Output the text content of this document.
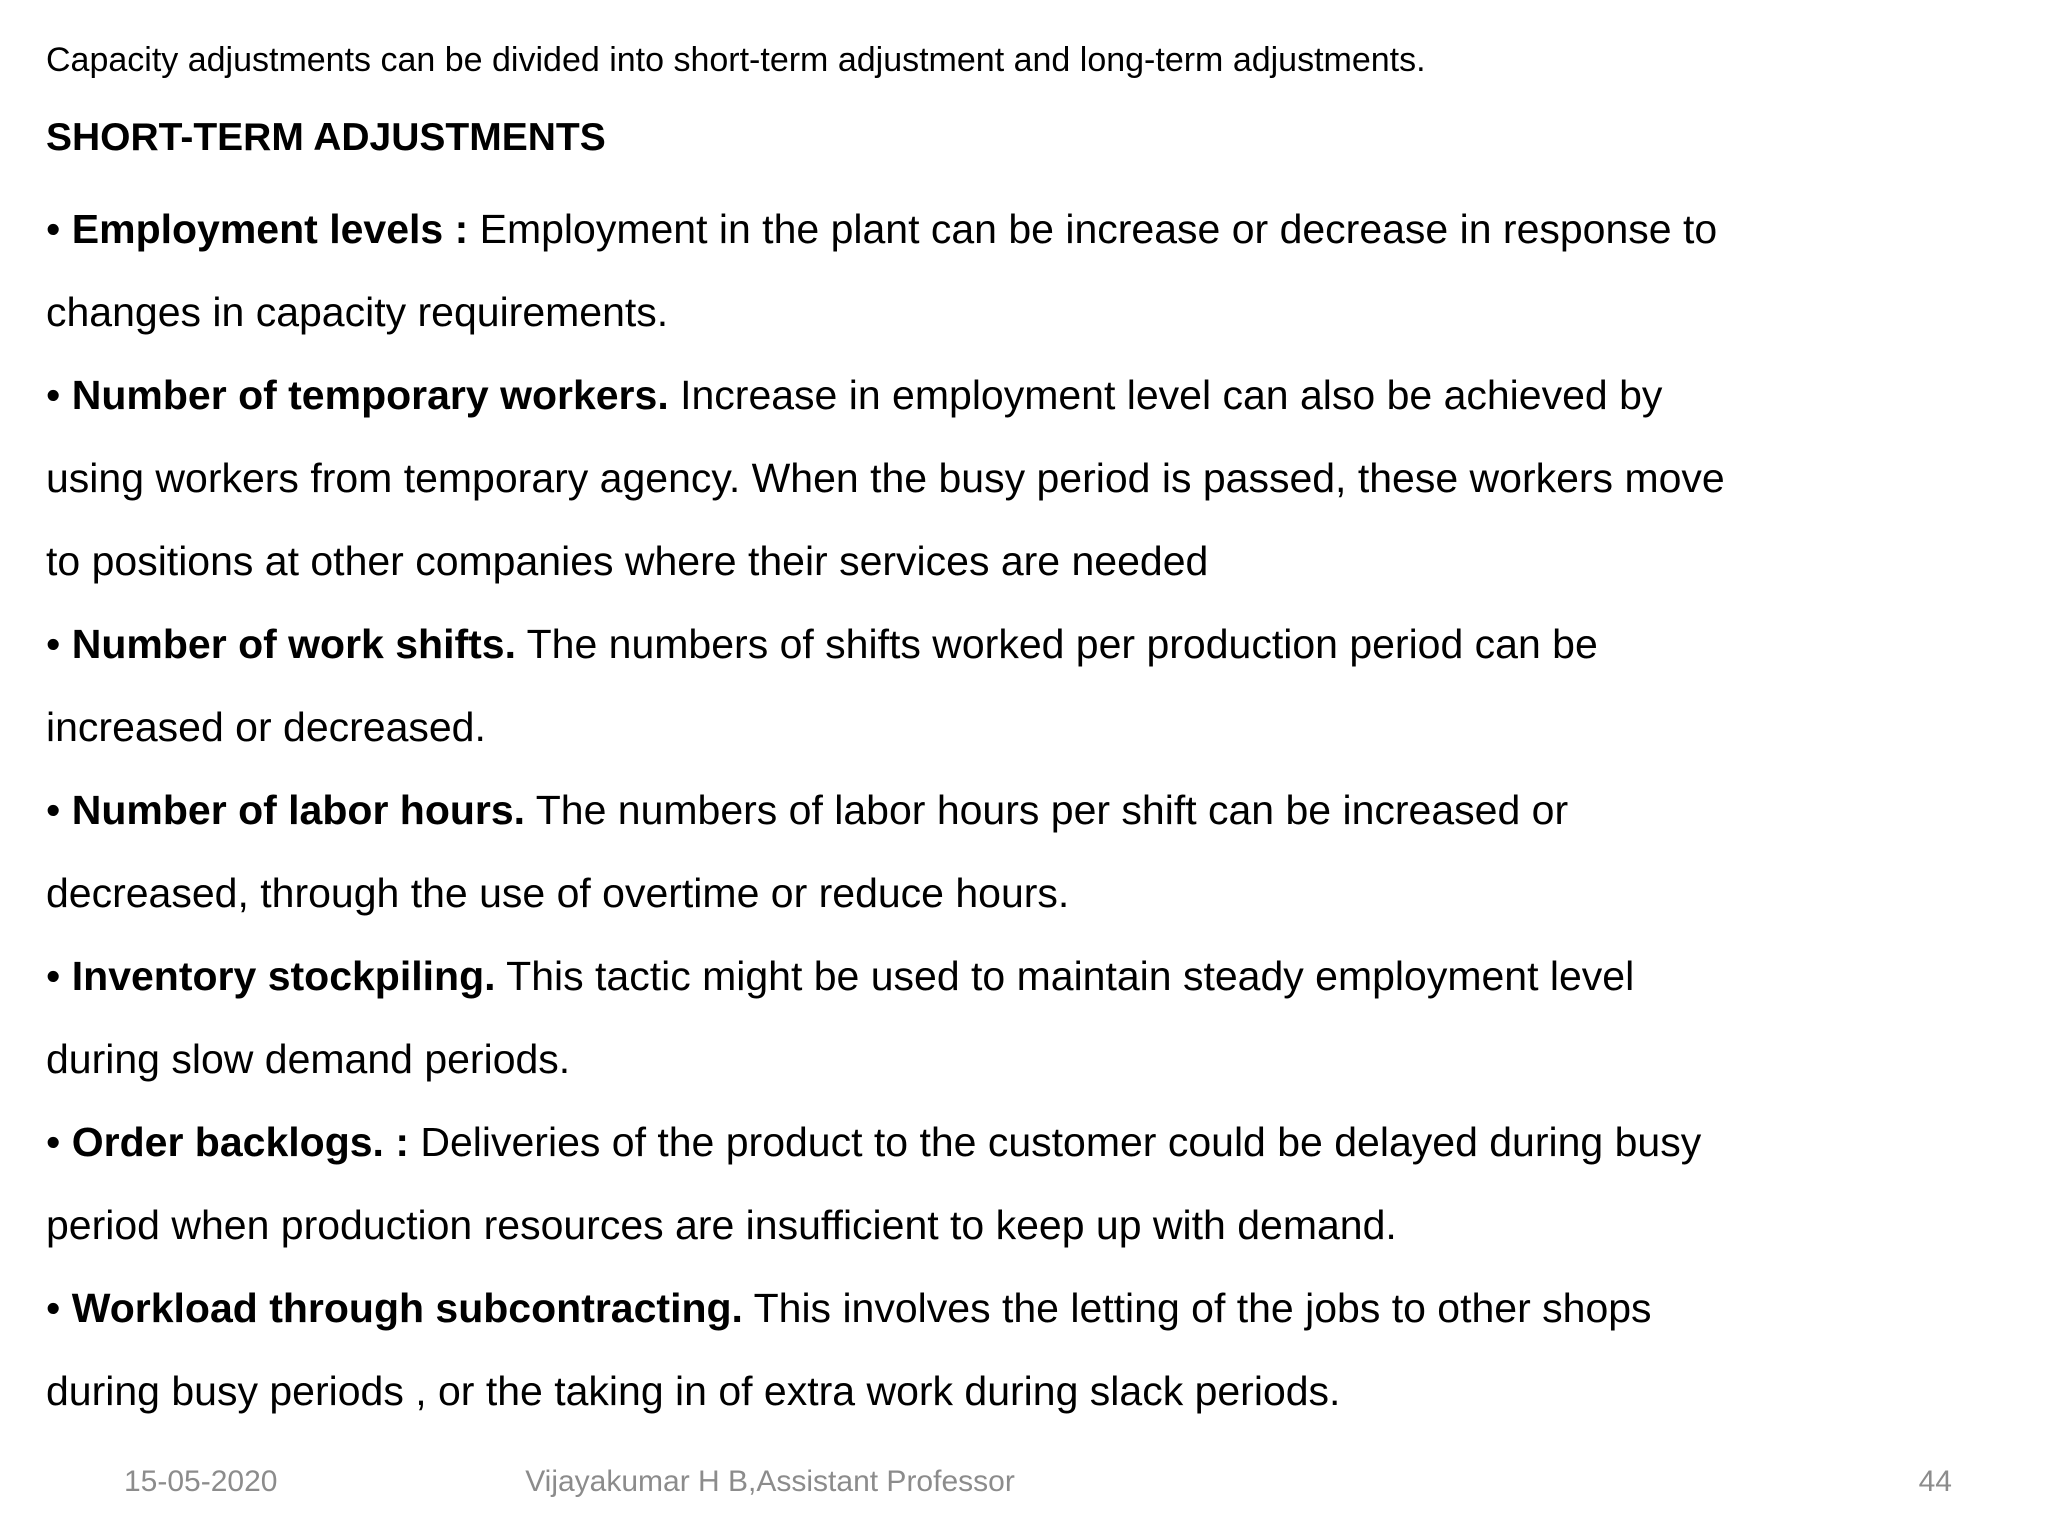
Capacity adjustments can be divided into short-term adjustment and long-term adjustments.

SHORT-TERM ADJUSTMENTS
• Employment levels : Employment in the plant can be increase or decrease in response to changes in capacity requirements.
• Number of temporary workers. Increase in employment level can also be achieved by using workers from temporary agency. When the busy period is passed, these workers move to positions at other companies where their services are needed
• Number of work shifts. The numbers of shifts worked per production period can be increased or decreased.
• Number of labor hours. The numbers of labor hours per shift can be increased or decreased, through the use of overtime or reduce hours.
• Inventory stockpiling. This tactic might be used to maintain steady employment level during slow demand periods.
• Order backlogs. : Deliveries of the product to the customer could be delayed during busy period when production resources are insufficient to keep up with demand.
• Workload through subcontracting. This involves the letting of the jobs to other shops during busy periods , or the taking in of extra work during slack periods.
15-05-2020	Vijayakumar H B,Assistant Professor	44
